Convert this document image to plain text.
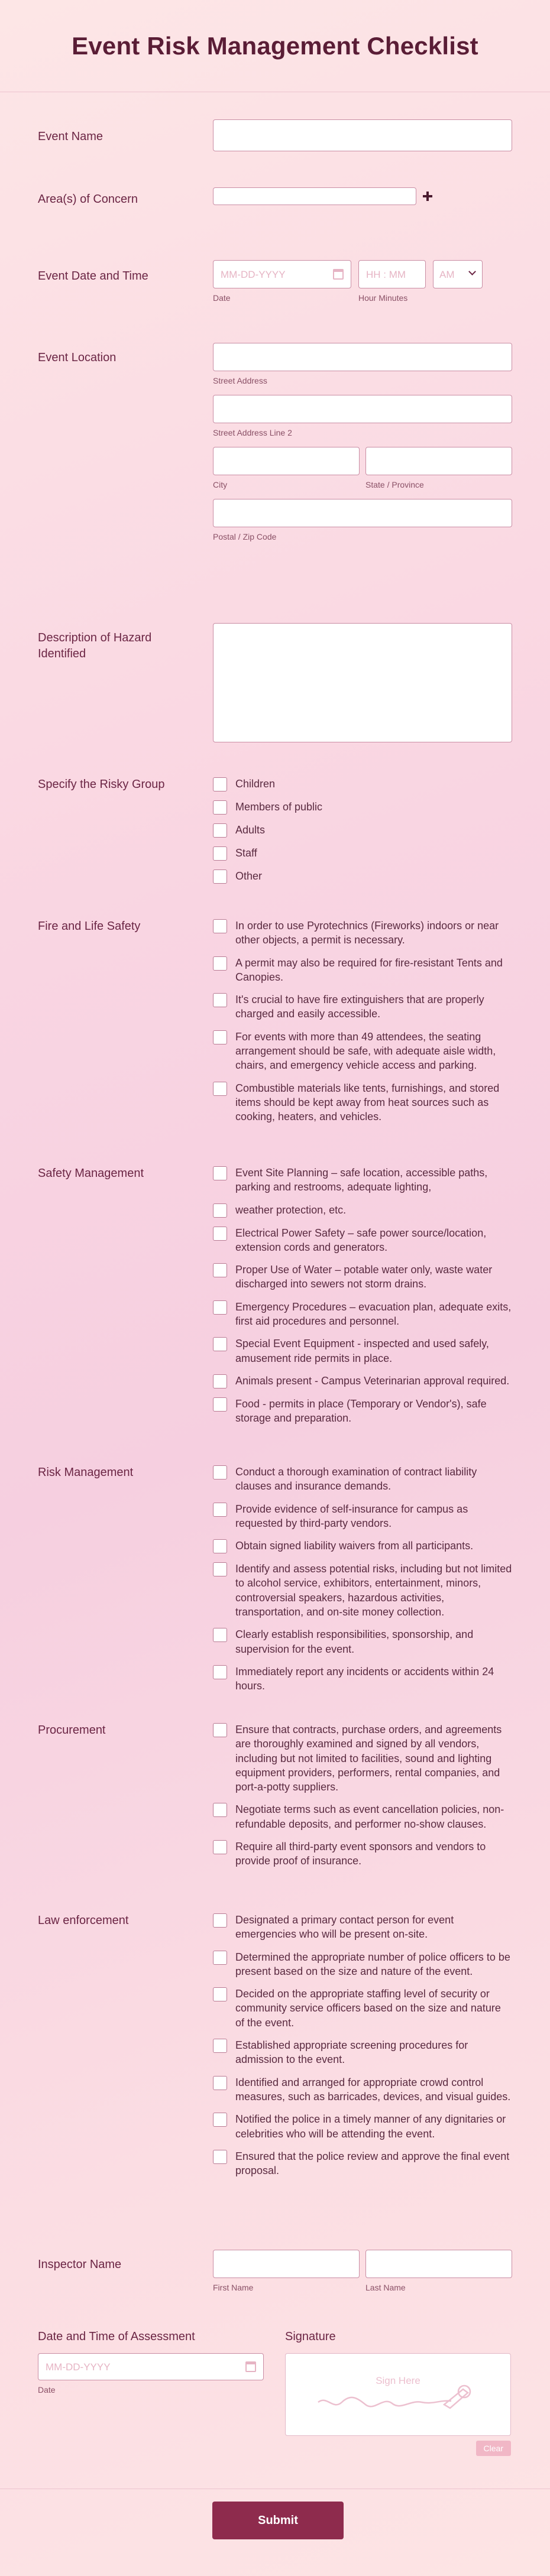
Event Risk Management Checklist
Event Name
Area(s) of Concern
Event Date and Time	MM-DD-YYYY
Date
HH : MM
Hour Minutes
AM
Event Location
Street Address
Street Address Line 2
City	State / Province
Postal / Zip Code
Description of Hazard Identified
Specify the Risky Group	Children
Members of public
Adults
Staff
Other
Fire and Life Safety	In order to use Pyrotechnics (Fireworks) indoors or near other objects, a permit is necessary.
A permit may also be required for fire-resistant Tents and Canopies.
It's crucial to have fire extinguishers that are properly charged and easily accessible.
For events with more than 49 attendees, the seating arrangement should be safe, with adequate aisle width, chairs, and emergency vehicle access and parking.
Combustible materials like tents, furnishings, and stored items should be kept away from heat sources such as cooking, heaters, and vehicles.
Safety Management	Event Site Planning – safe location, accessible paths, parking and restrooms, adequate lighting,
weather protection, etc.
Electrical Power Safety – safe power source/location, extension cords and generators.
Proper Use of Water – potable water only, waste water discharged into sewers not storm drains.
Emergency Procedures – evacuation plan, adequate exits, first aid procedures and personnel.
Special Event Equipment - inspected and used safely, amusement ride permits in place.
Animals present - Campus Veterinarian approval required.
Food - permits in place (Temporary or Vendor's), safe storage and preparation.
Risk Management	Conduct a thorough examination of contract liability clauses and insurance demands.
Provide evidence of self-insurance for campus as requested by third-party vendors.
Obtain signed liability waivers from all participants.
Identify and assess potential risks, including but not limited to alcohol service, exhibitors, entertainment, minors, controversial speakers, hazardous activities, transportation, and on-site money collection.
Clearly establish responsibilities, sponsorship, and supervision for the event.
Immediately report any incidents or accidents within 24 hours.
Procurement	Ensure that contracts, purchase orders, and agreements are thoroughly examined and signed by all vendors, including but not limited to facilities, sound and lighting equipment providers, performers, rental companies, and port-a-potty suppliers.
Negotiate terms such as event cancellation policies, non-refundable deposits, and performer no-show clauses.
Require all third-party event sponsors and vendors to provide proof of insurance.
Law enforcement	Designated a primary contact person for event emergencies who will be present on-site.
Determined the appropriate number of police officers to be present based on the size and nature of the event.
Decided on the appropriate staffing level of security or community service officers based on the size and nature of the event.
Established appropriate screening procedures for admission to the event.
Identified and arranged for appropriate crowd control measures, such as barricades, devices, and visual guides.
Notified the police in a timely manner of any dignitaries or celebrities who will be attending the event.
Ensured that the police review and approve the final event proposal.
Inspector Name
First Name	Last Name
Date and Time of Assessment
MM-DD-YYYY
Date
Signature
Sign Here
Clear
Submit
